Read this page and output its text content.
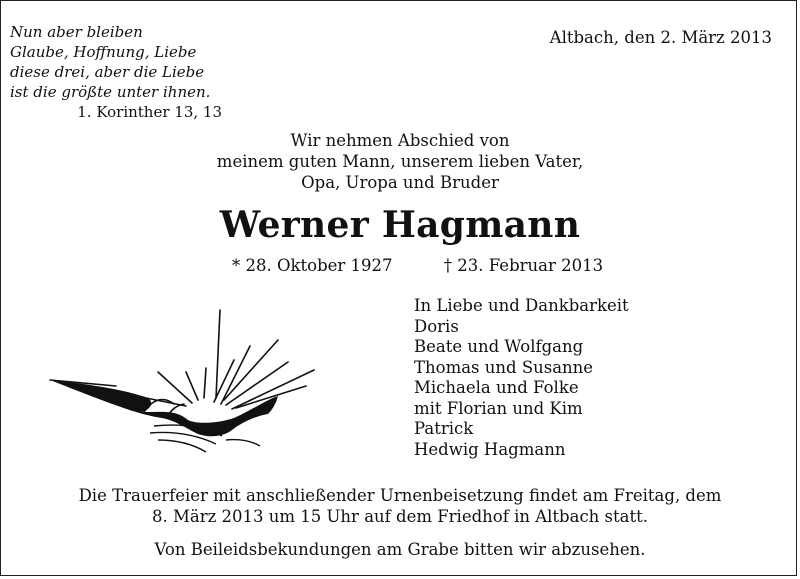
Nun aber bleiben
Glaube, Hoffnung, Liebe
diese drei, aber die Liebe
ist die größte unter ihnen.
1. Korinther 13, 13
Altbach, den 2. März 2013
Wir nehmen Abschied von
meinem guten Mann, unserem lieben Vater,
Opa, Uropa und Bruder
Werner Hagmann
* 28. Oktober 1927	† 23. Februar 2013
In Liebe und Dankbarkeit
Doris
Beate und Wolfgang
Thomas und Susanne
Michaela und Folke
mit Florian und Kim
Patrick
Hedwig Hagmann
Die Trauerfeier mit anschließender Urnenbeisetzung findet am Freitag, dem
8. März 2013 um 15 Uhr auf dem Friedhof in Altbach statt.
Von Beileidsbekundungen am Grabe bitten wir abzusehen.
